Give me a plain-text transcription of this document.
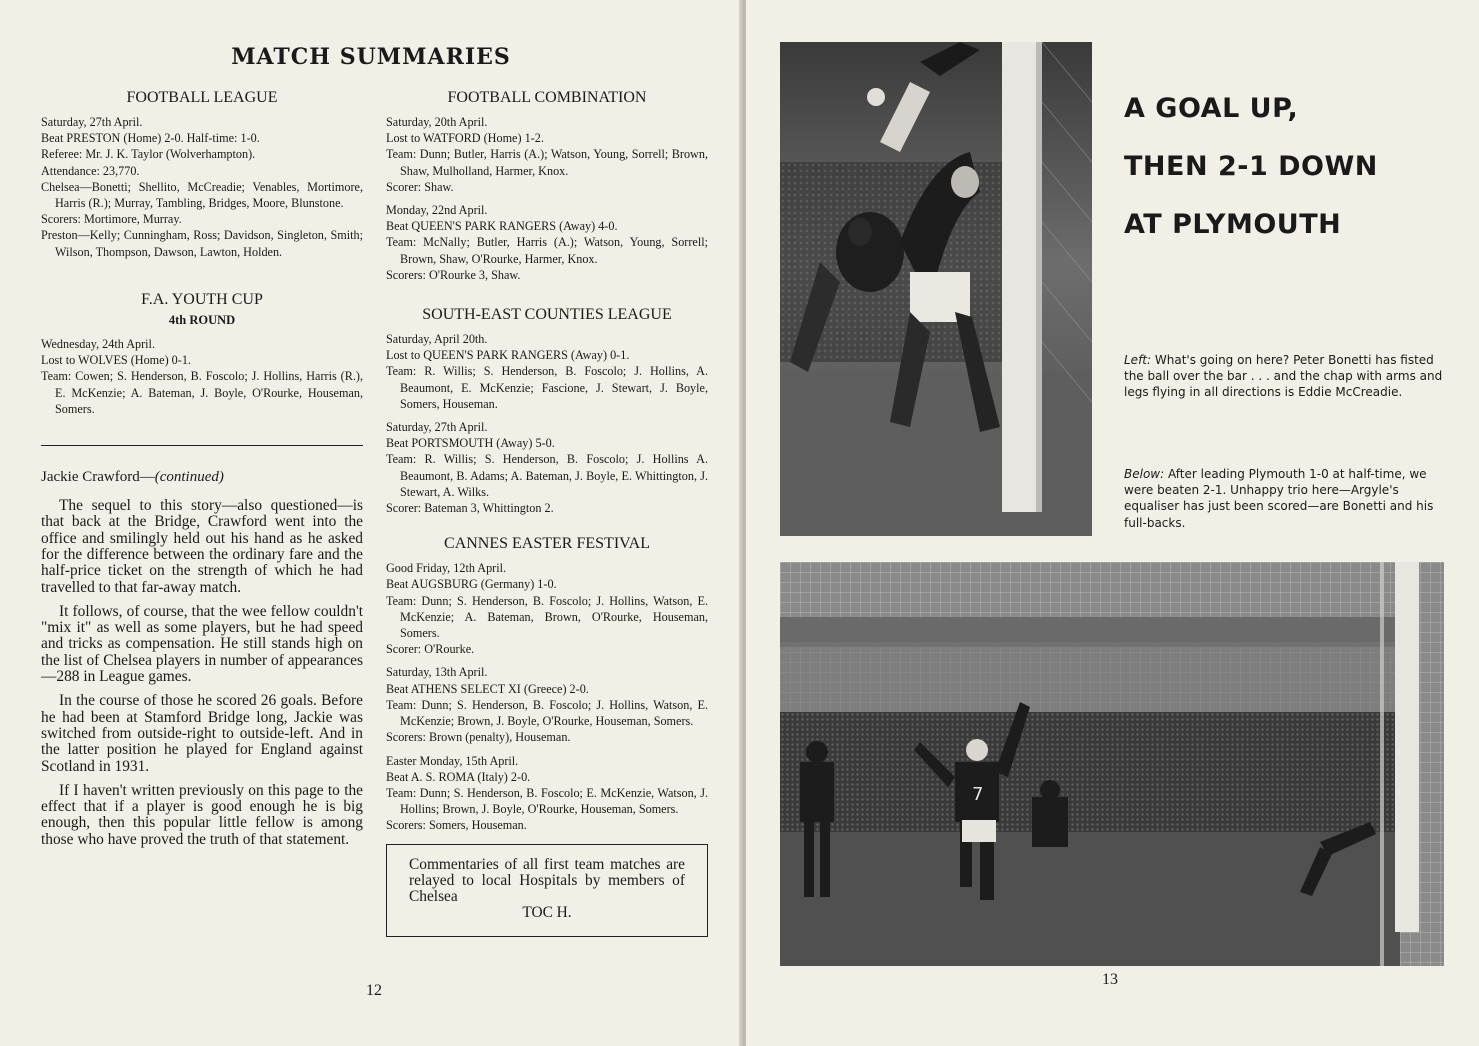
MATCH SUMMARIES
FOOTBALL LEAGUE

Saturday, 27th April.

Beat PRESTON (Home) 2-0. Half-time: 1-0.

Referee: Mr. J. K. Taylor (Wolverhampton).

Attendance: 23,770.

Chelsea—Bonetti; Shellito, McCreadie; Venables, Mortimore, Harris (R.); Murray, Tambling, Bridges, Moore, Blunstone.

Scorers: Mortimore, Murray.

Preston—Kelly; Cunningham, Ross; Davidson, Singleton, Smith; Wilson, Thompson, Dawson, Lawton, Holden.

F.A. YOUTH CUP
4th ROUND

Wednesday, 24th April.

Lost to WOLVES (Home) 0-1.

Team: Cowen; S. Henderson, B. Foscolo; J. Hollins, Harris (R.), E. McKenzie; A. Bateman, J. Boyle, O'Rourke, Houseman, Somers.

Jackie Crawford—(continued)

The sequel to this story—also questioned—is that back at the Bridge, Crawford went into the office and smilingly held out his hand as he asked for the difference between the ordinary fare and the half-price ticket on the strength of which he had travelled to that far-away match.

It follows, of course, that the wee fellow couldn't "mix it" as well as some players, but he had speed and tricks as compensation. He still stands high on the list of Chelsea players in number of appearances —288 in League games.

In the course of those he scored 26 goals. Before he had been at Stamford Bridge long, Jackie was switched from outside-right to outside-left. And in the latter position he played for England against Scotland in 1931.

If I haven't written previously on this page to the effect that if a player is good enough he is big enough, then this popular little fellow is among those who have proved the truth of that statement.

FOOTBALL COMBINATION

Saturday, 20th April.

Lost to WATFORD (Home) 1-2.

Team: Dunn; Butler, Harris (A.); Watson, Young, Sorrell; Brown, Shaw, Mulholland, Harmer, Knox.

Scorer: Shaw.

Monday, 22nd April.

Beat QUEEN'S PARK RANGERS (Away) 4-0.

Team: McNally; Butler, Harris (A.); Watson, Young, Sorrell; Brown, Shaw, O'Rourke, Harmer, Knox.

Scorers: O'Rourke 3, Shaw.

SOUTH-EAST COUNTIES LEAGUE

Saturday, April 20th.

Lost to QUEEN'S PARK RANGERS (Away) 0-1.

Team: R. Willis; S. Henderson, B. Foscolo; J. Hollins, A. Beaumont, E. McKenzie; Fascione, J. Stewart, J. Boyle, Somers, Houseman.

Saturday, 27th April.

Beat PORTSMOUTH (Away) 5-0.

Team: R. Willis; S. Henderson, B. Foscolo; J. Hollins A. Beaumont, B. Adams; A. Bateman, J. Boyle, E. Whittington, J. Stewart, A. Wilks.

Scorer: Bateman 3, Whittington 2.

CANNES EASTER FESTIVAL

Good Friday, 12th April.

Beat AUGSBURG (Germany) 1-0.

Team: Dunn; S. Henderson, B. Foscolo; J. Hollins, Watson, E. McKenzie; A. Bateman, Brown, O'Rourke, Houseman, Somers.

Scorer: O'Rourke.

Saturday, 13th April.

Beat ATHENS SELECT XI (Greece) 2-0.

Team: Dunn; S. Henderson, B. Foscolo; J. Hollins, Watson, E. McKenzie; Brown, J. Boyle, O'Rourke, Houseman, Somers.

Scorers: Brown (penalty), Houseman.

Easter Monday, 15th April.

Beat A. S. ROMA (Italy) 2-0.

Team: Dunn; S. Henderson, B. Foscolo; E. McKenzie, Watson, J. Hollins; Brown, J. Boyle, O'Rourke, Houseman, Somers.

Scorers: Somers, Houseman.

Commentaries of all first team matches are relayed to local Hospitals by members of Chelsea
TOC H.
12
A GOAL UP,
THEN 2-1 DOWN
AT PLYMOUTH
Left: What's going on here? Peter Bonetti has fisted the ball over the bar . . . and the chap with arms and legs flying in all directions is Eddie McCreadie.
Below: After leading Plymouth 1-0 at half-time, we were beaten 2-1. Unhappy trio here—Argyle's equaliser has just been scored—are Bonetti and his full-backs.
7
13
